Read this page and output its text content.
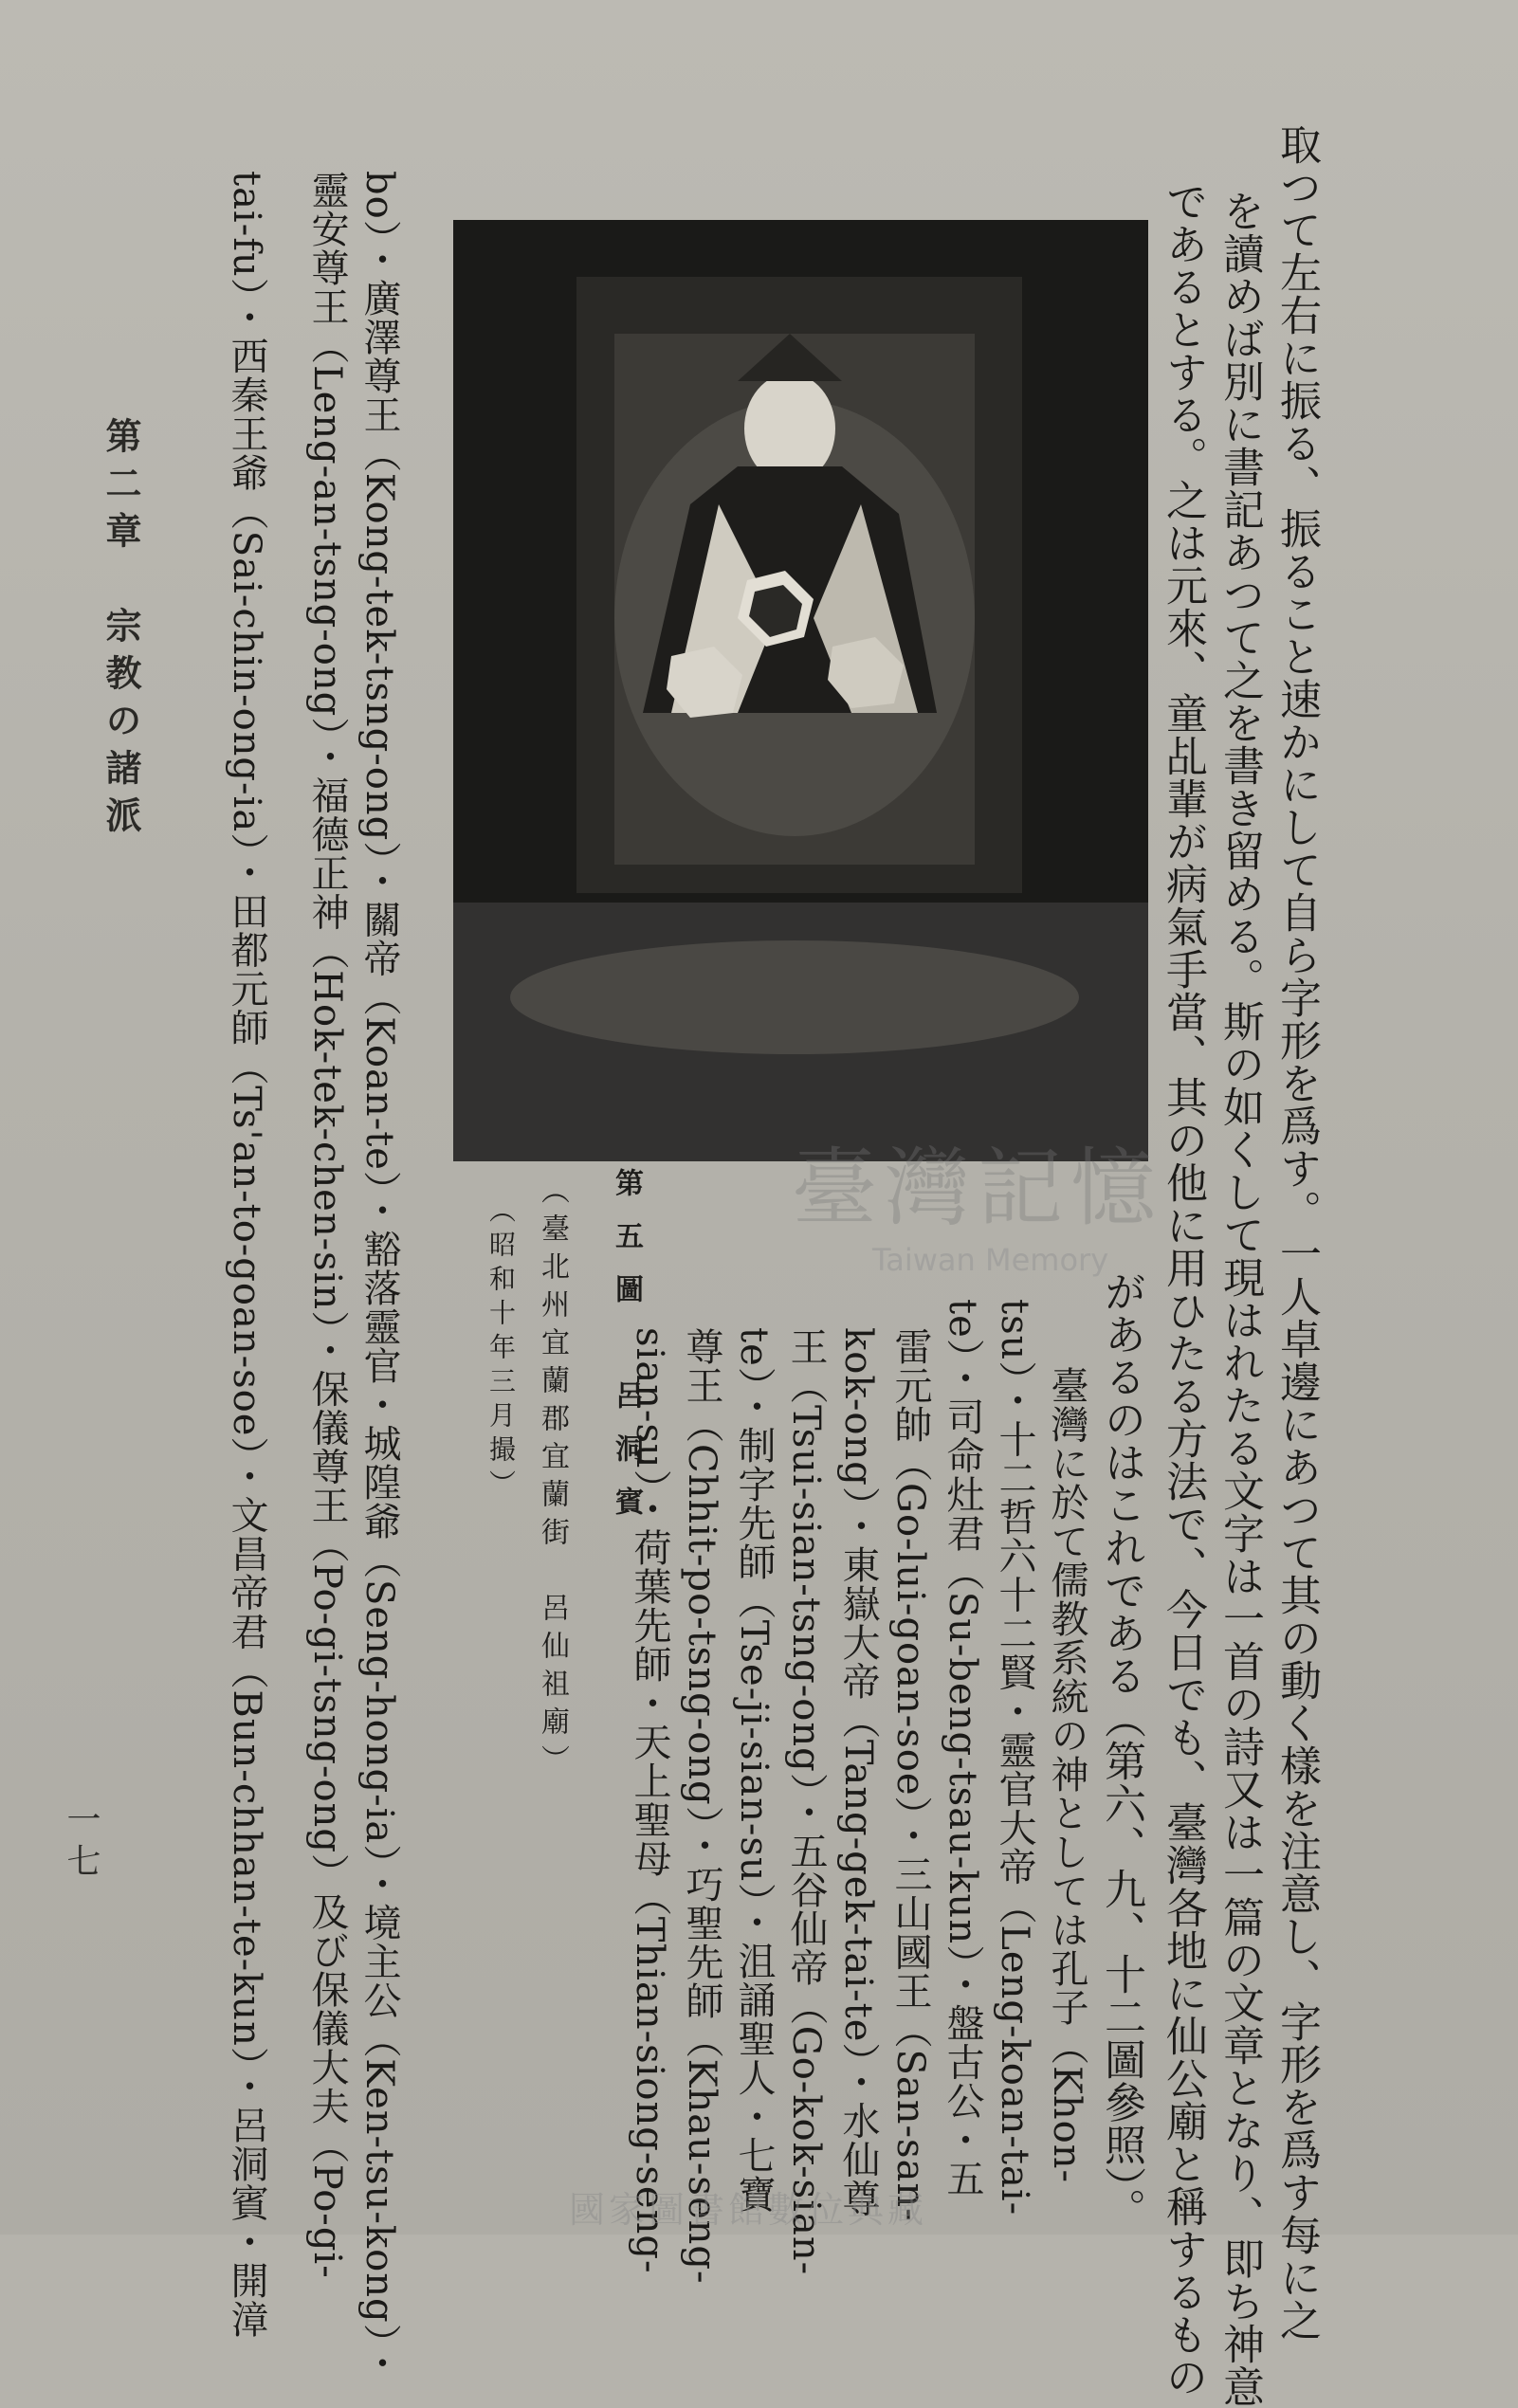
第五圖　呂洞賓
（臺北州宜蘭郡宜蘭街　呂仙祖廟）
（昭和十年三月撮）	取つて左右に振る、振ること速かにして自ら字形を爲す。一人卓邊にあつて其の動く樣を注意し、字形を爲す每に之
を讀めば別に書記あつて之を書き留める。斯の如くして現はれたる文字は一首の詩又は一篇の文章となり、即ち神意
であるとする。之は元來、童乩輩が病氣手當、其の他に用ひたる方法で、今日でも、臺灣各地に仙公廟と稱するもの
があるのはこれである（第六、九、十二圖參照）。
　臺灣に於て儒教系統の神としては孔子（Khon-
tsu）・十二哲六十二賢・靈官大帝（Leng-koan-tai-
te）・司命灶君（Su-beng-tsau-kun）・盤古公・五
雷元帥（Go-lui-goan-soe）・三山國王（San-san-
kok-ong）・東嶽大帝（Tang-gek-tai-te）・水仙尊
王（Tsui-sian-tsng-ong）・五谷仙帝（Go-kok-sian-
te）・制字先師（Tse-ji-sian-su）・沮誦聖人・七寶
尊王（Chhit-po-tsng-ong）・巧聖先師（Khau-seng-
sian-su）・荷葉先師・天上聖母（Thian-siong-seng-
bo）・廣澤尊王（Kong-tek-tsng-ong）・關帝（Koan-te）・豁落靈官・城隍爺（Seng-hong-ia）・境主公（Ken-tsu-kong）・
靈安尊王（Leng-an-tsng-ong）・福德正神（Hok-tek-chen-sin）・保儀尊王（Po-gi-tsng-ong）及び保儀大夫（Po-gi-
tai-fu）・西秦王爺（Sai-chin-ong-ia）・田都元師（Ts'an-to-goan-soe）・文昌帝君（Bun-chhan-te-kun）・呂洞賓・開漳
第二章　宗教の諸派
一七
臺灣記憶
Taiwan Memory
國家圖書館數位典藏
